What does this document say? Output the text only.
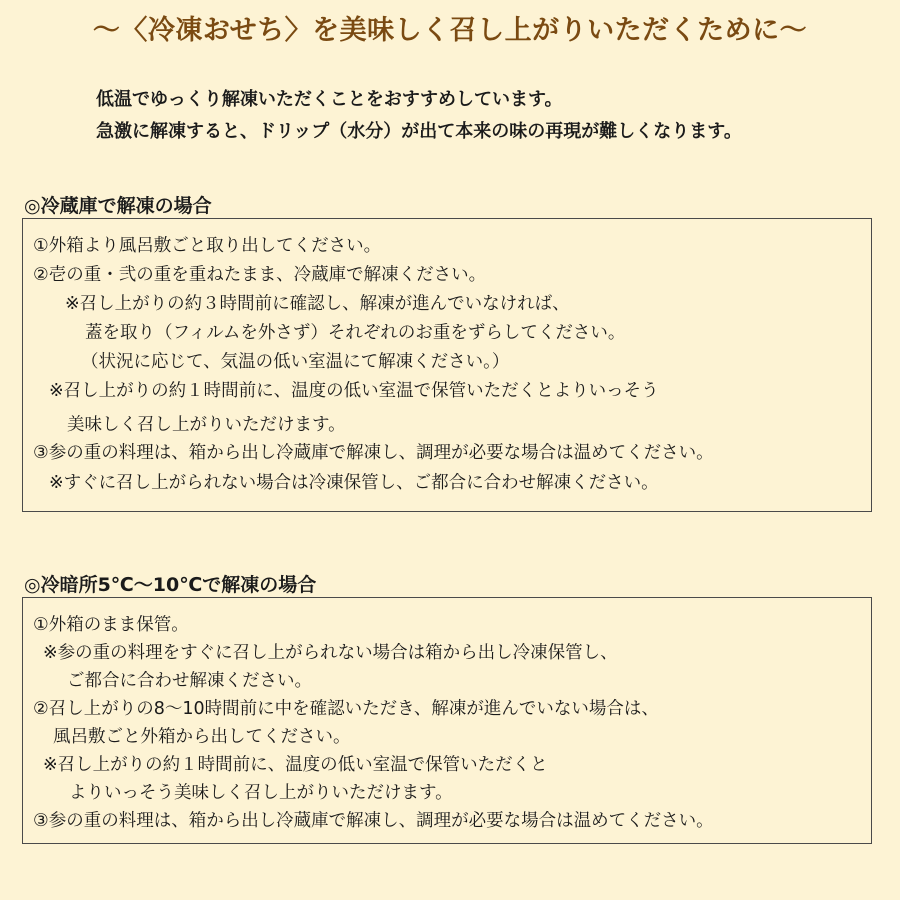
〜〈冷凍おせち〉を美味しく召し上がりいただくために〜
低温でゆっくり解凍いただくことをおすすめしています。
急激に解凍すると、ドリップ（水分）が出て本来の味の再現が難しくなります。
◎冷蔵庫で解凍の場合
①外箱より風呂敷ごと取り出してください。
②壱の重・弐の重を重ねたまま、冷蔵庫で解凍ください。
※召し上がりの約３時間前に確認し、解凍が進んでいなければ、
蓋を取り（フィルムを外さず）それぞれのお重をずらしてください。
（状況に応じて、気温の低い室温にて解凍ください。）
※召し上がりの約１時間前に、温度の低い室温で保管いただくとよりいっそう
美味しく召し上がりいただけます。
③参の重の料理は、箱から出し冷蔵庫で解凍し、調理が必要な場合は温めてください。
※すぐに召し上がられない場合は冷凍保管し、ご都合に合わせ解凍ください。
◎冷暗所5℃〜10℃で解凍の場合
①外箱のまま保管。
※参の重の料理をすぐに召し上がられない場合は箱から出し冷凍保管し、
ご都合に合わせ解凍ください。
②召し上がりの8〜10時間前に中を確認いただき、解凍が進んでいない場合は、
風呂敷ごと外箱から出してください。
※召し上がりの約１時間前に、温度の低い室温で保管いただくと
よりいっそう美味しく召し上がりいただけます。
③参の重の料理は、箱から出し冷蔵庫で解凍し、調理が必要な場合は温めてください。
